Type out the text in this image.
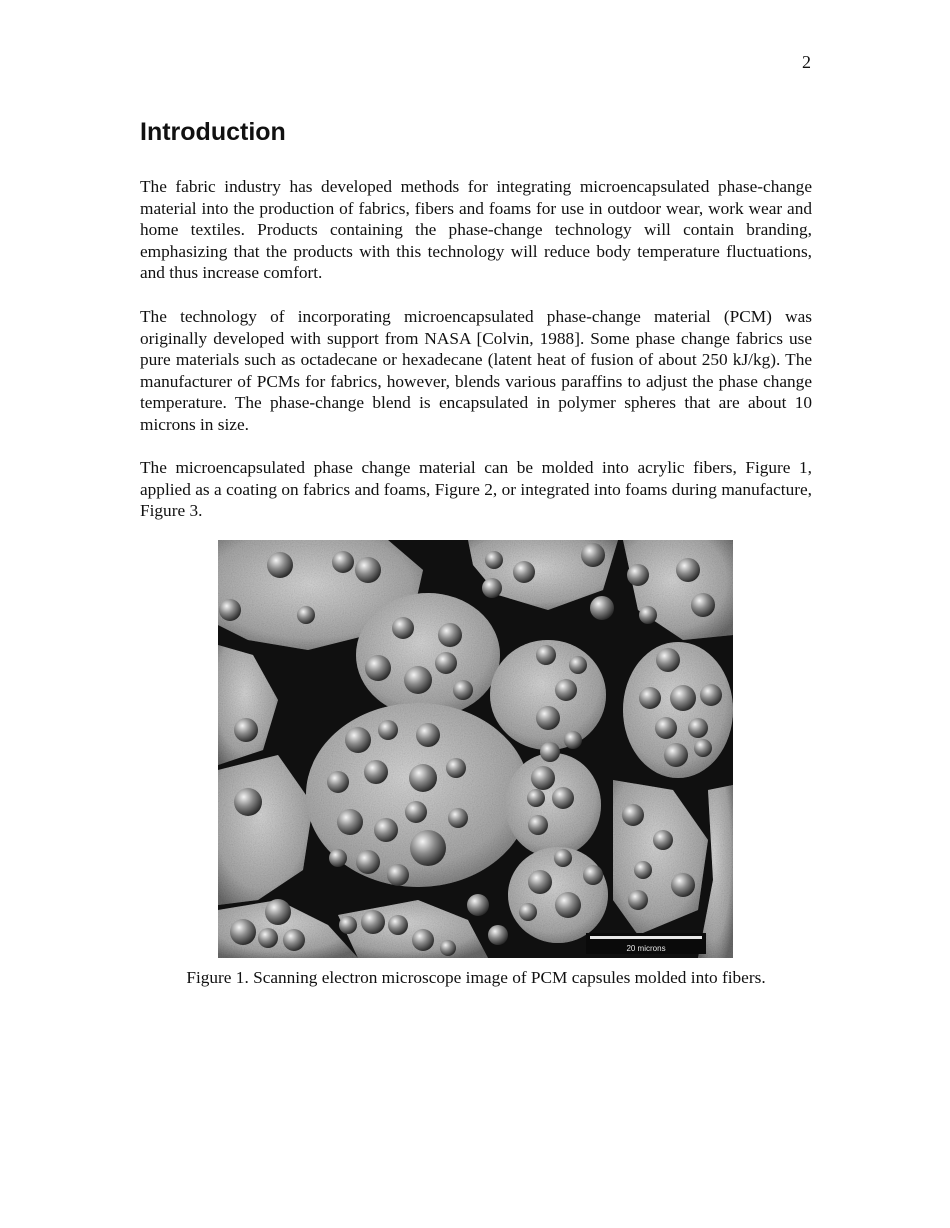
2
Introduction

The fabric industry has developed methods for integrating microencapsulated phase-change material into the production of fabrics, fibers and foams for use in outdoor wear, work wear and home textiles. Products containing the phase-change technology will contain branding, emphasizing that the products with this technology will reduce body temperature fluctuations, and thus increase comfort.

The technology of incorporating microencapsulated phase-change material (PCM) was originally developed with support from NASA [Colvin, 1988]. Some phase change fabrics use pure materials such as octadecane or hexadecane (latent heat of fusion of about 250 kJ/kg). The manufacturer of PCMs for fabrics, however, blends various paraffins to adjust the phase change temperature. The phase-change blend is encapsulated in polymer spheres that are about 10 microns in size.

The microencapsulated phase change material can be molded into acrylic fibers, Figure 1, applied as a coating on fabrics and foams, Figure 2, or integrated into foams during manufacture, Figure 3.

20 microns

Figure 1. Scanning electron microscope image of PCM capsules molded into fibers.
